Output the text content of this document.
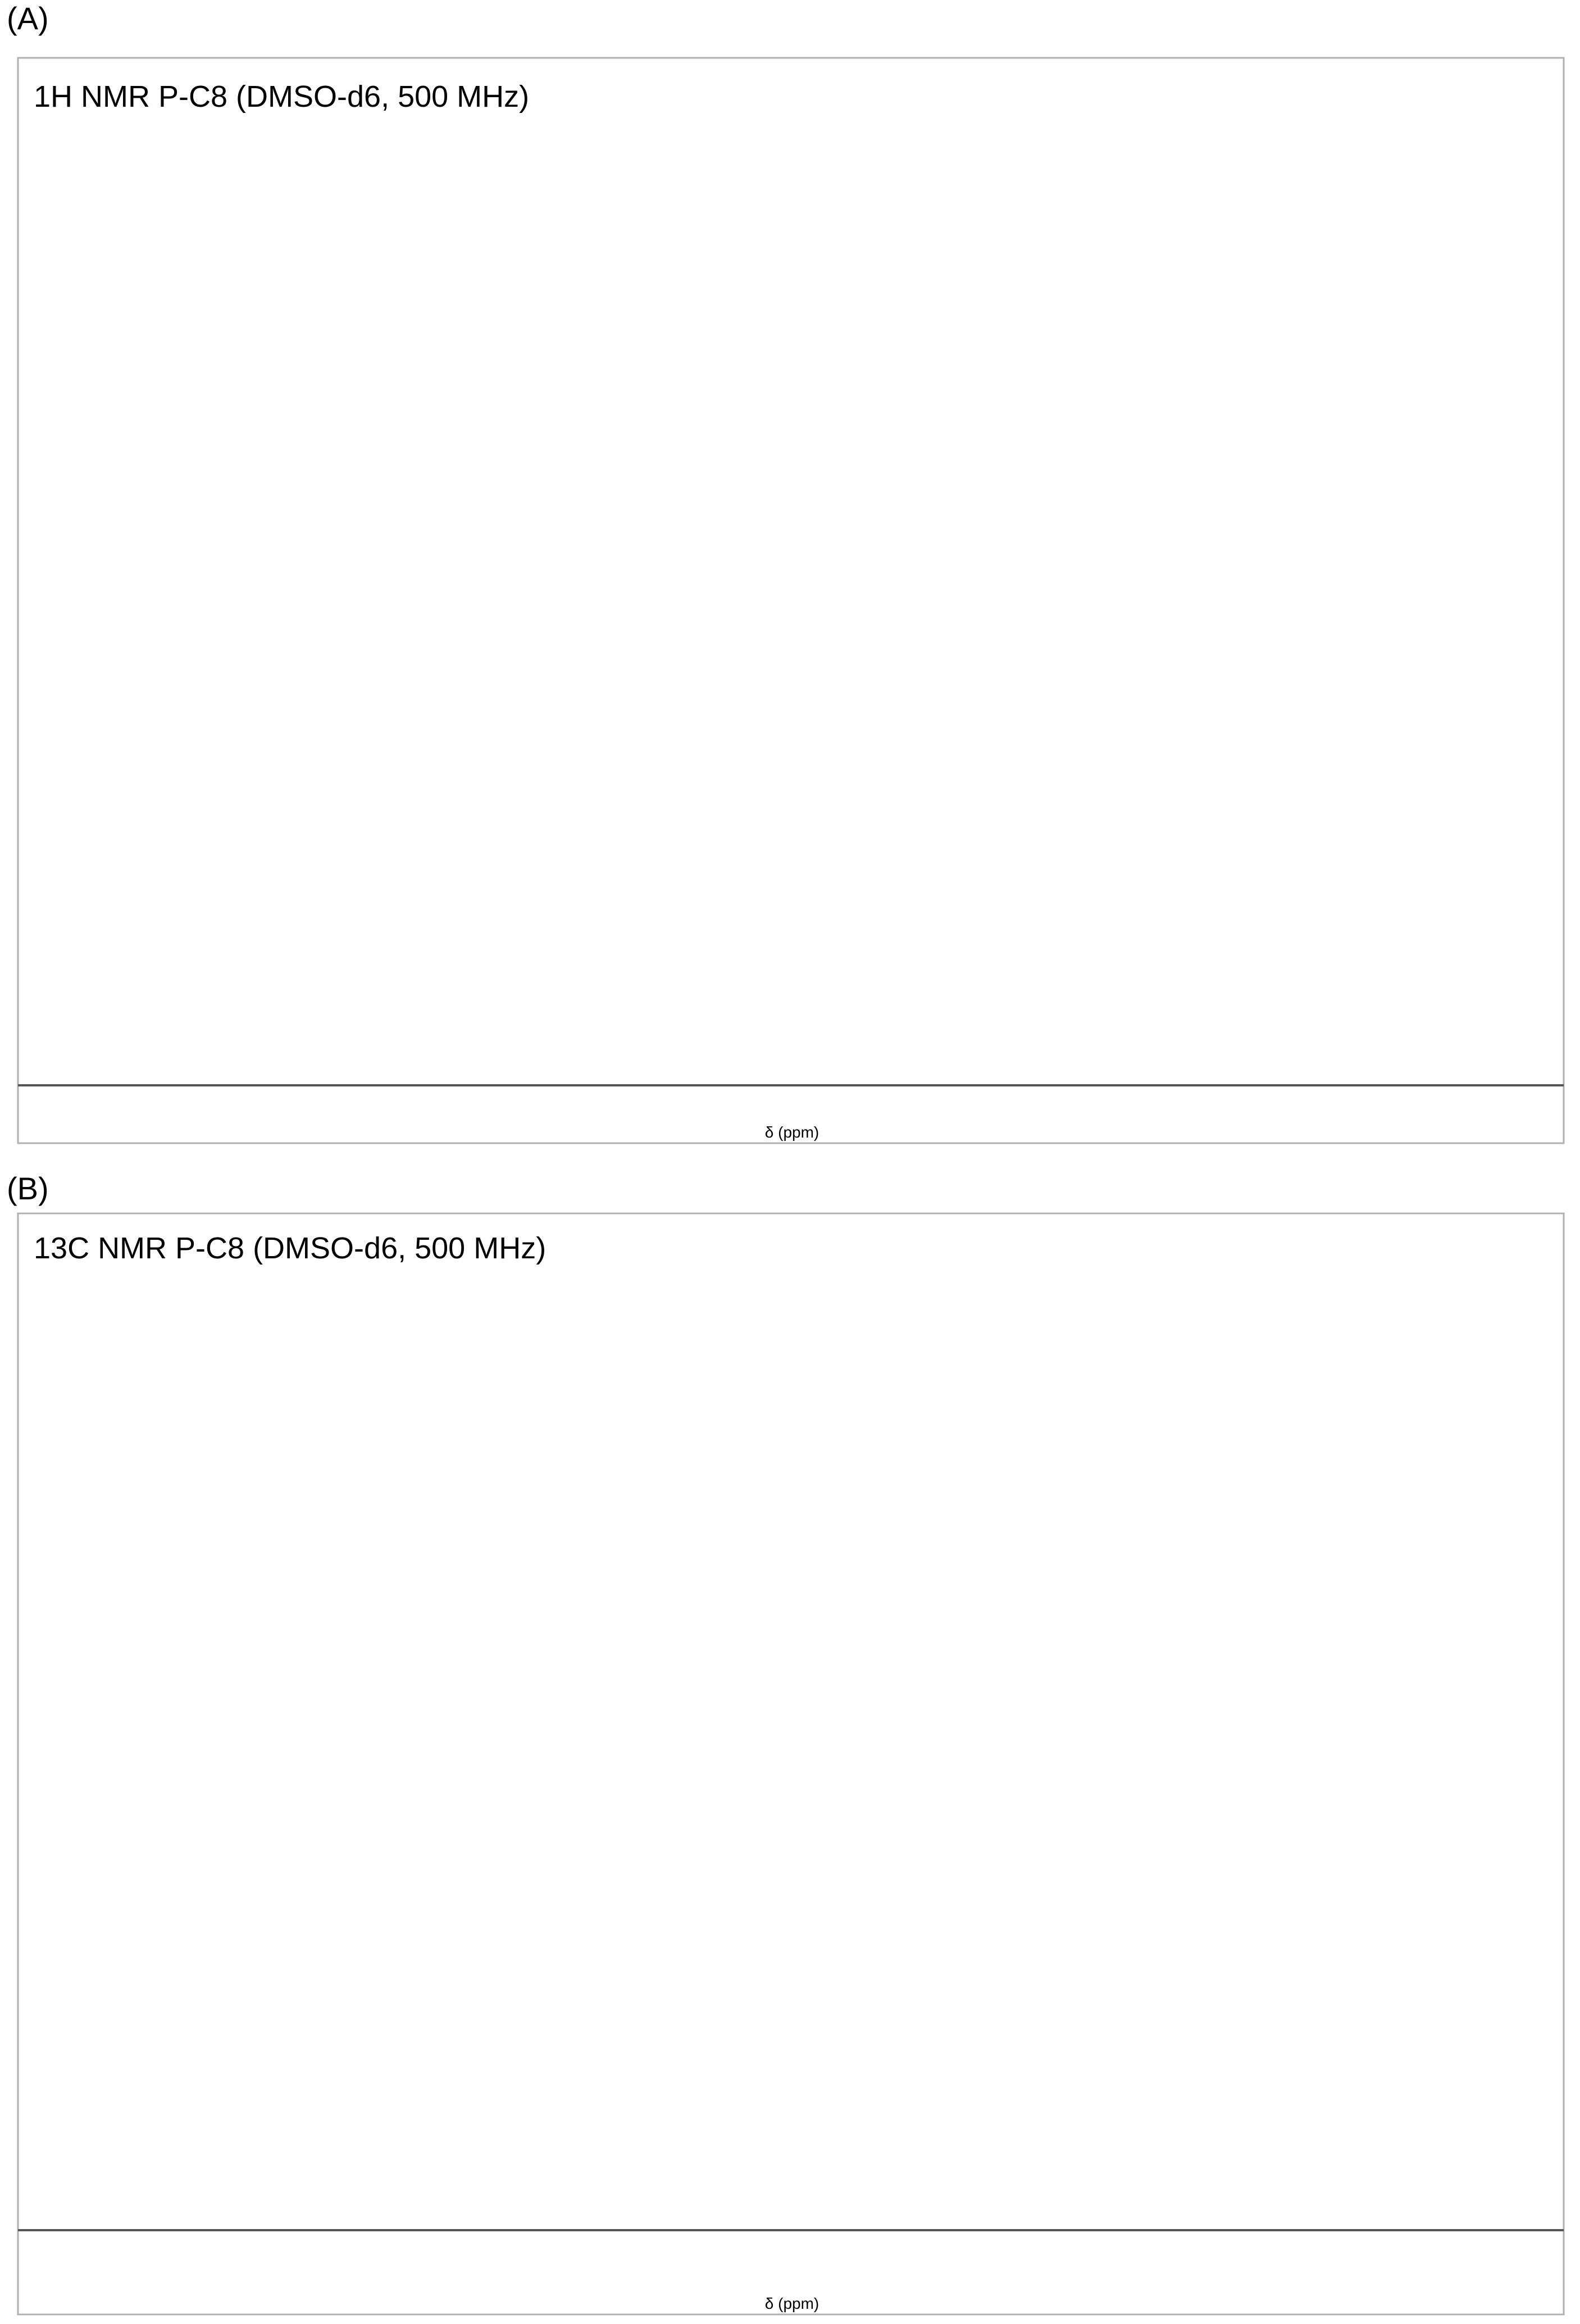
(A)
1H NMR P-C8 (DMSO-d6, 500 MHz)
δ (ppm)
(B)
13C NMR P-C8 (DMSO-d6, 500 MHz)
δ (ppm)
